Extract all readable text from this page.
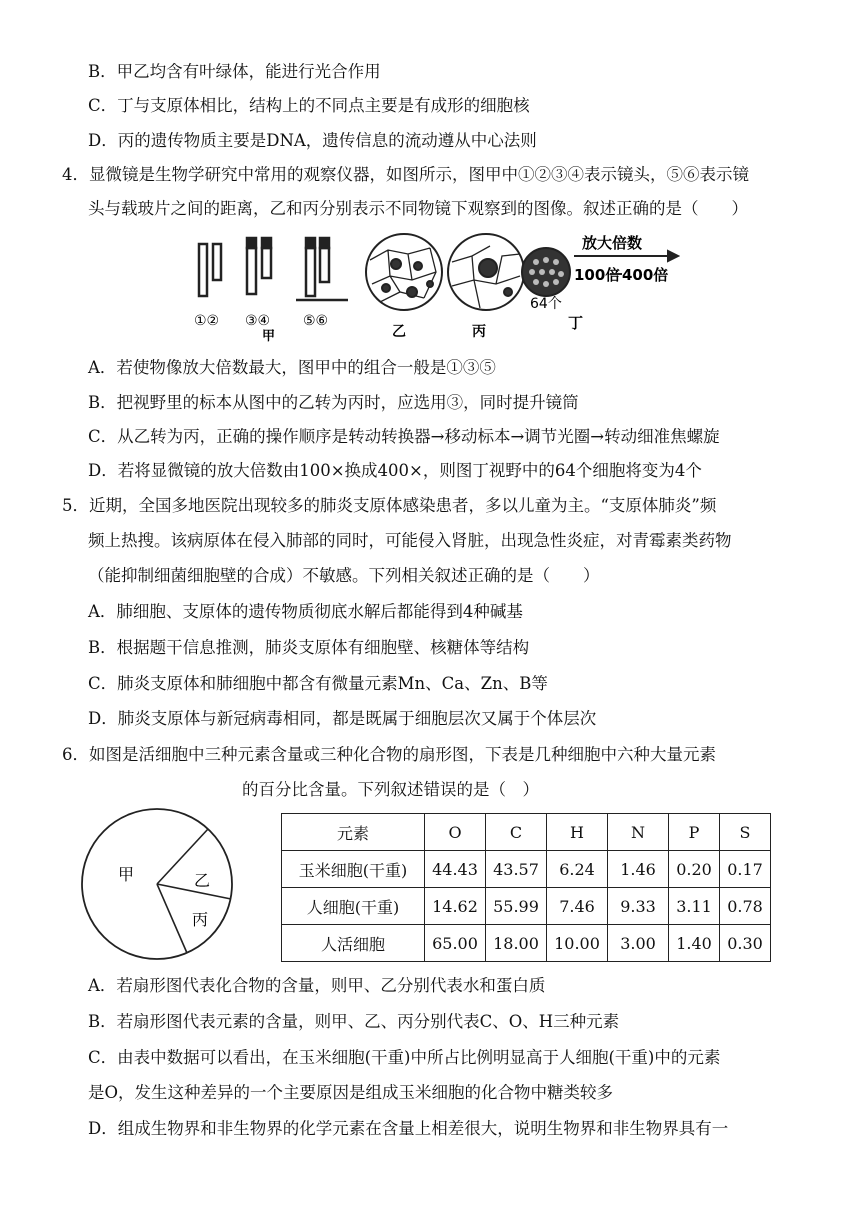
B．甲乙均含有叶绿体，能进行光合作用
C．丁与支原体相比，结构上的不同点主要是有成形的细胞核
D．丙的遗传物质主要是DNA，遗传信息的流动遵从中心法则
4．显微镜是生物学研究中常用的观察仪器，如图所示，图甲中①②③④表示镜头，⑤⑥表示镜
头与载玻片之间的距离，乙和丙分别表示不同物镜下观察到的图像。叙述正确的是（　　）
放大倍数
100倍 400倍
64个
①② ③④ ⑤⑥
甲	乙	丙	丁
A．若使物像放大倍数最大，图甲中的组合一般是①③⑤
B．把视野里的标本从图中的乙转为丙时，应选用③，同时提升镜筒
C．从乙转为丙，正确的操作顺序是转动转换器→移动标本→调节光圈→转动细准焦螺旋
D．若将显微镜的放大倍数由100×换成400×，则图丁视野中的64个细胞将变为4个
5．近期，全国多地医院出现较多的肺炎支原体感染患者，多以儿童为主。“支原体肺炎”频
频上热搜。该病原体在侵入肺部的同时，可能侵入肾脏，出现急性炎症，对青霉素类药物
（能抑制细菌细胞壁的合成）不敏感。下列相关叙述正确的是（　　）
A．肺细胞、支原体的遗传物质彻底水解后都能得到4种碱基
B．根据题干信息推测，肺炎支原体有细胞壁、核糖体等结构
C．肺炎支原体和肺细胞中都含有微量元素Mn、Ca、Zn、B等
D．肺炎支原体与新冠病毒相同，都是既属于细胞层次又属于个体层次
6．如图是活细胞中三种元素含量或三种化合物的扇形图，下表是几种细胞中六种大量元素
的百分比含量。下列叙述错误的是（　）
甲	乙
丙
元素	O	C	H	N	P	S
玉米细胞(干重)	44.43	43.57	6.24	1.46	0.20	0.17
人细胞(干重)	14.62	55.99	7.46	9.33	3.11	0.78
人活细胞	65.00	18.00	10.00	3.00	1.40	0.30
A．若扇形图代表化合物的含量，则甲、乙分别代表水和蛋白质
B．若扇形图代表元素的含量，则甲、乙、丙分别代表C、O、H三种元素
C．由表中数据可以看出，在玉米细胞(干重)中所占比例明显高于人细胞(干重)中的元素
是O，发生这种差异的一个主要原因是组成玉米细胞的化合物中糖类较多
D．组成生物界和非生物界的化学元素在含量上相差很大，说明生物界和非生物界具有一
